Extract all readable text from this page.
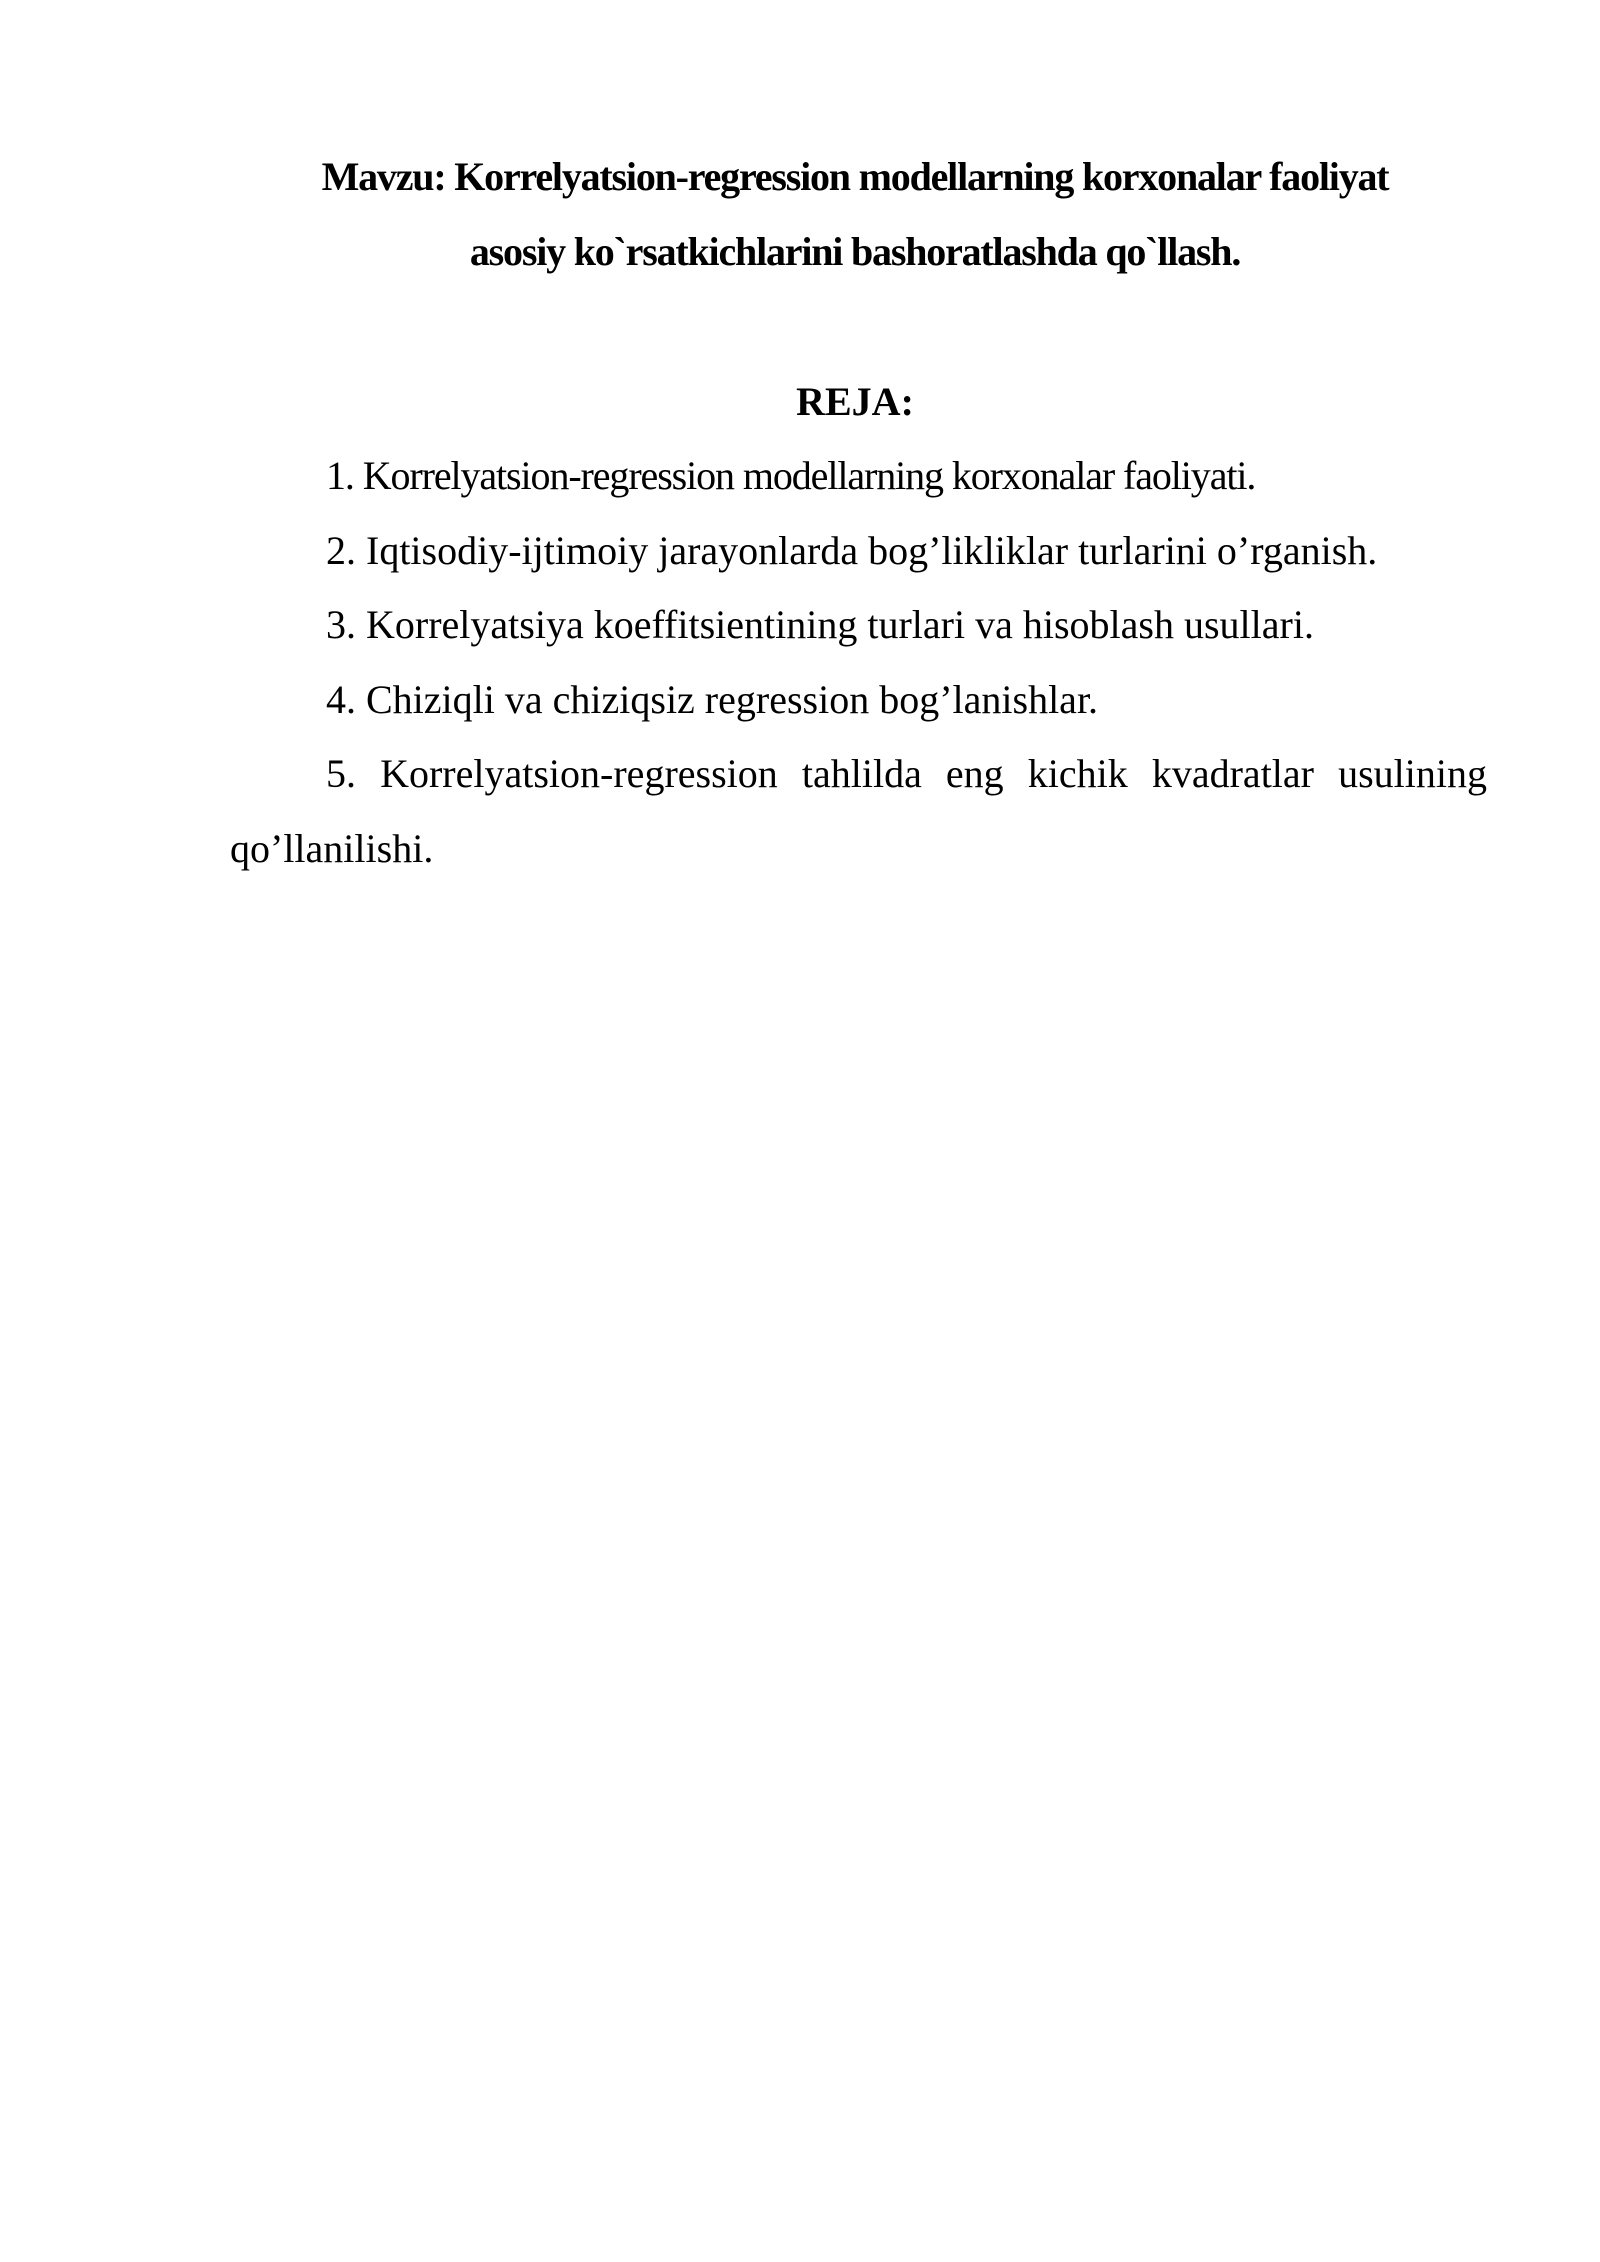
Mavzu: Korrelyatsion-regression modellarning korxonalar faoliyat
asosiy ko`rsatkichlarini bashoratlashda qo`llash.
REJA:
1. Korrelyatsion-regression modellarning korxonalar faoliyati.
2. Iqtisodiy-ijtimoiy jarayonlarda bog’likliklar turlarini o’rganish.
3. Korrelyatsiya koeffitsientining turlari va hisoblash usullari.
4. Chiziqli va chiziqsiz regression bog’lanishlar.
5. Korrelyatsion-regression tahlilda eng kichik kvadratlar usulining
qo’llanilishi.
